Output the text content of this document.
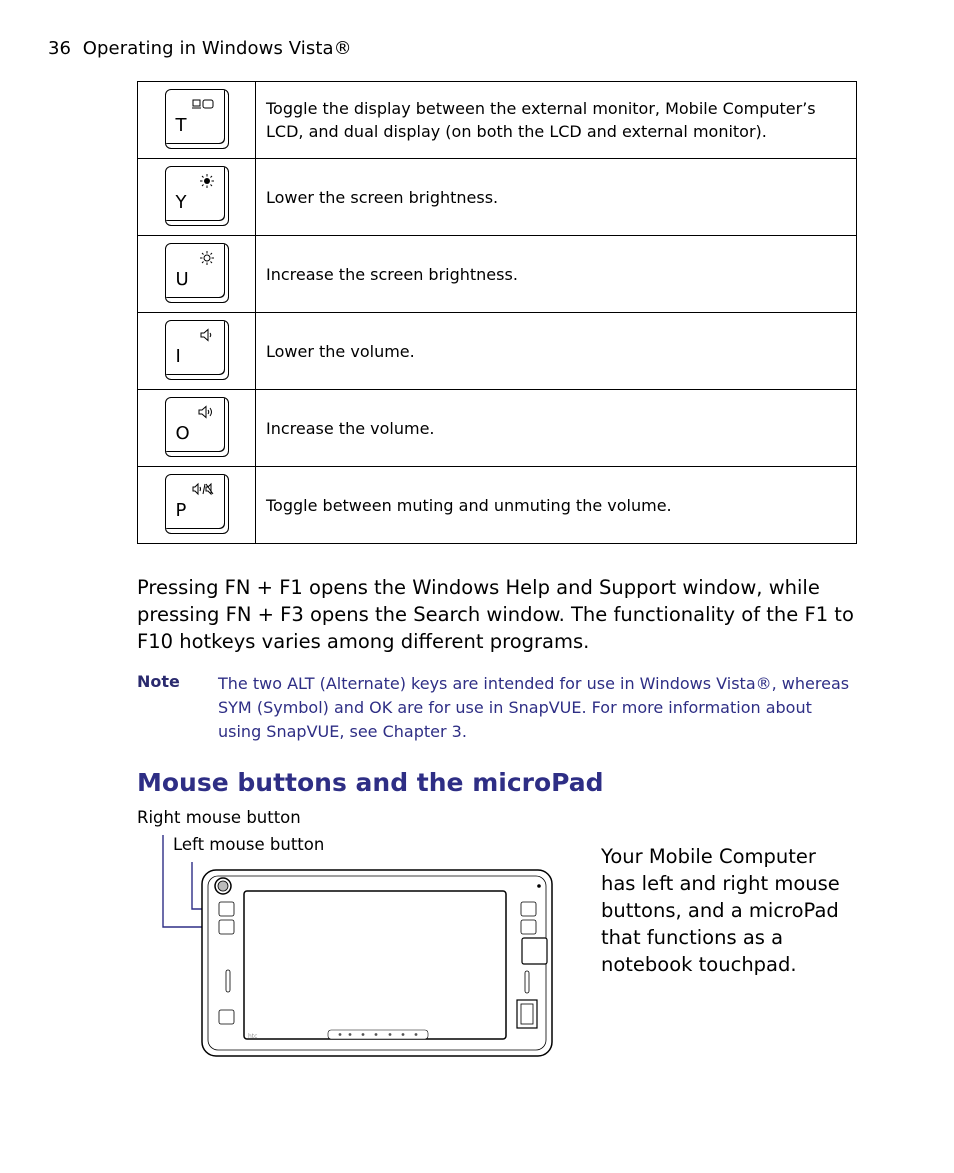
36 Operating in Windows Vista®
T	Toggle the display between the external monitor, Mobile Computer’s LCD, and dual display (on both the LCD and external monitor).

Y	Lower the screen brightness.

U	Increase the screen brightness.

I	Lower the volume.

O	Increase the volume.

P	Toggle between muting and unmuting the volume.
Pressing FN + F1 opens the Windows Help and Support window, while pressing FN + F3 opens the Search window. The functionality of the F1 to F10 hotkeys varies among different programs.
Note The two ALT (Alternate) keys are intended for use in Windows Vista®, whereas SYM (Symbol) and OK are for use in SnapVUE. For more information about using SnapVUE, see Chapter 3.
Mouse buttons and the microPad
Right mouse button
Left mouse button
htc
Your Mobile Computer has left and right mouse buttons, and a microPad that functions as a notebook touchpad.
